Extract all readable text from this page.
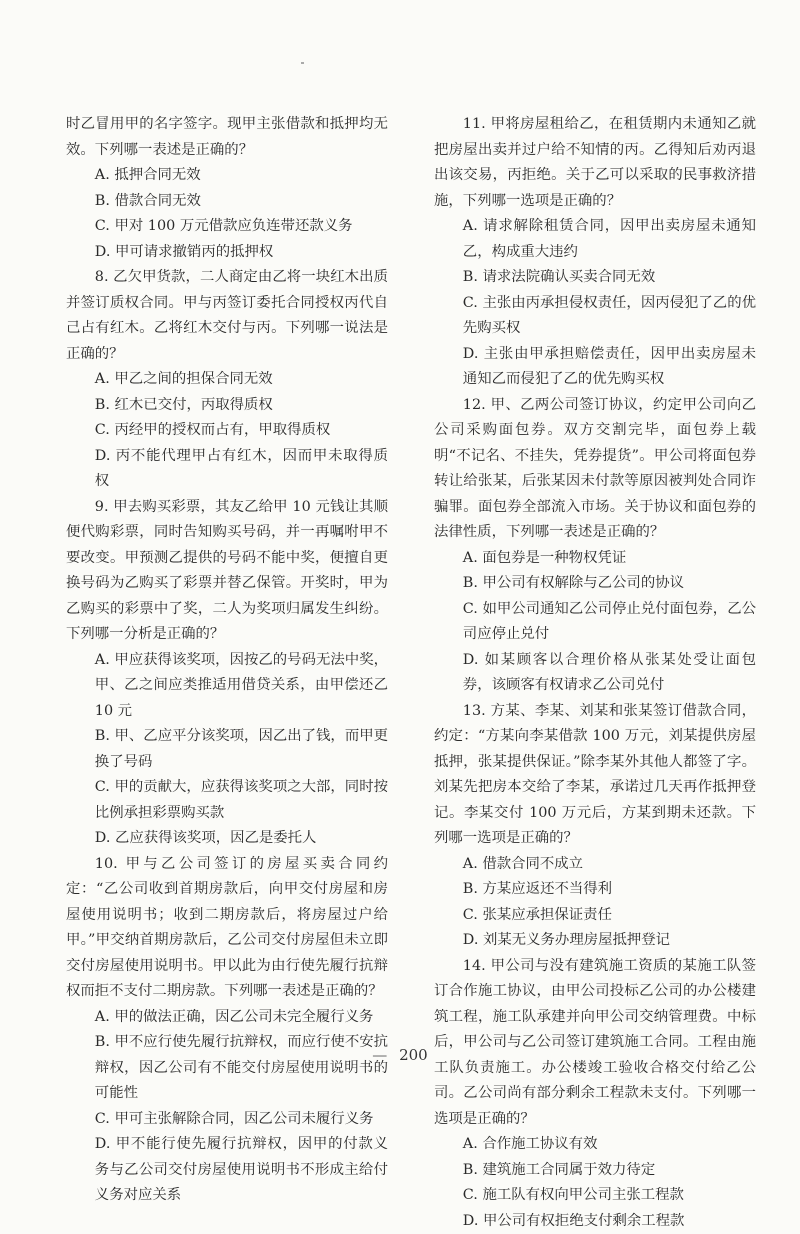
时乙冒用甲的名字签字。现甲主张借款和抵押均无效。下列哪一表述是正确的？

A. 抵押合同无效

B. 借款合同无效

C. 甲对 100 万元借款应负连带还款义务

D. 甲可请求撤销丙的抵押权

8. 乙欠甲货款，二人商定由乙将一块红木出质并签订质权合同。甲与丙签订委托合同授权丙代自己占有红木。乙将红木交付与丙。下列哪一说法是正确的？

A. 甲乙之间的担保合同无效

B. 红木已交付，丙取得质权

C. 丙经甲的授权而占有，甲取得质权

D. 丙不能代理甲占有红木，因而甲未取得质权

9. 甲去购买彩票，其友乙给甲 10 元钱让其顺便代购彩票，同时告知购买号码，并一再嘱咐甲不要改变。甲预测乙提供的号码不能中奖，便擅自更换号码为乙购买了彩票并替乙保管。开奖时，甲为乙购买的彩票中了奖，二人为奖项归属发生纠纷。下列哪一分析是正确的？

A. 甲应获得该奖项，因按乙的号码无法中奖，甲、乙之间应类推适用借贷关系，由甲偿还乙 10 元

B. 甲、乙应平分该奖项，因乙出了钱，而甲更换了号码

C. 甲的贡献大，应获得该奖项之大部，同时按比例承担彩票购买款

D. 乙应获得该奖项，因乙是委托人

10. 甲与乙公司签订的房屋买卖合同约定：“乙公司收到首期房款后，向甲交付房屋和房屋使用说明书；收到二期房款后，将房屋过户给甲。”甲交纳首期房款后，乙公司交付房屋但未立即交付房屋使用说明书。甲以此为由行使先履行抗辩权而拒不支付二期房款。下列哪一表述是正确的？

A. 甲的做法正确，因乙公司未完全履行义务

B. 甲不应行使先履行抗辩权，而应行使不安抗辩权，因乙公司有不能交付房屋使用说明书的可能性

C. 甲可主张解除合同，因乙公司未履行义务

D. 甲不能行使先履行抗辩权，因甲的付款义务与乙公司交付房屋使用说明书不形成主给付义务对应关系

11. 甲将房屋租给乙，在租赁期内未通知乙就把房屋出卖并过户给不知情的丙。乙得知后劝丙退出该交易，丙拒绝。关于乙可以采取的民事救济措施，下列哪一选项是正确的？

A. 请求解除租赁合同，因甲出卖房屋未通知乙，构成重大违约

B. 请求法院确认买卖合同无效

C. 主张由丙承担侵权责任，因丙侵犯了乙的优先购买权

D. 主张由甲承担赔偿责任，因甲出卖房屋未通知乙而侵犯了乙的优先购买权

12. 甲、乙两公司签订协议，约定甲公司向乙公司采购面包券。双方交割完毕，面包券上载明“不记名、不挂失，凭券提货”。甲公司将面包券转让给张某，后张某因未付款等原因被判处合同诈骗罪。面包券全部流入市场。关于协议和面包券的法律性质，下列哪一表述是正确的？

A. 面包券是一种物权凭证

B. 甲公司有权解除与乙公司的协议

C. 如甲公司通知乙公司停止兑付面包券，乙公司应停止兑付

D. 如某顾客以合理价格从张某处受让面包券，该顾客有权请求乙公司兑付

13. 方某、李某、刘某和张某签订借款合同，约定：“方某向李某借款 100 万元，刘某提供房屋抵押，张某提供保证。”除李某外其他人都签了字。刘某先把房本交给了李某，承诺过几天再作抵押登记。李某交付 100 万元后，方某到期未还款。下列哪一选项是正确的？

A. 借款合同不成立

B. 方某应返还不当得利

C. 张某应承担保证责任

D. 刘某无义务办理房屋抵押登记

14. 甲公司与没有建筑施工资质的某施工队签订合作施工协议，由甲公司投标乙公司的办公楼建筑工程，施工队承建并向甲公司交纳管理费。中标后，甲公司与乙公司签订建筑施工合同。工程由施工队负责施工。办公楼竣工验收合格交付给乙公司。乙公司尚有部分剩余工程款未支付。下列哪一选项是正确的？

A. 合作施工协议有效

B. 建筑施工合同属于效力待定

C. 施工队有权向甲公司主张工程款

D. 甲公司有权拒绝支付剩余工程款

— 200
